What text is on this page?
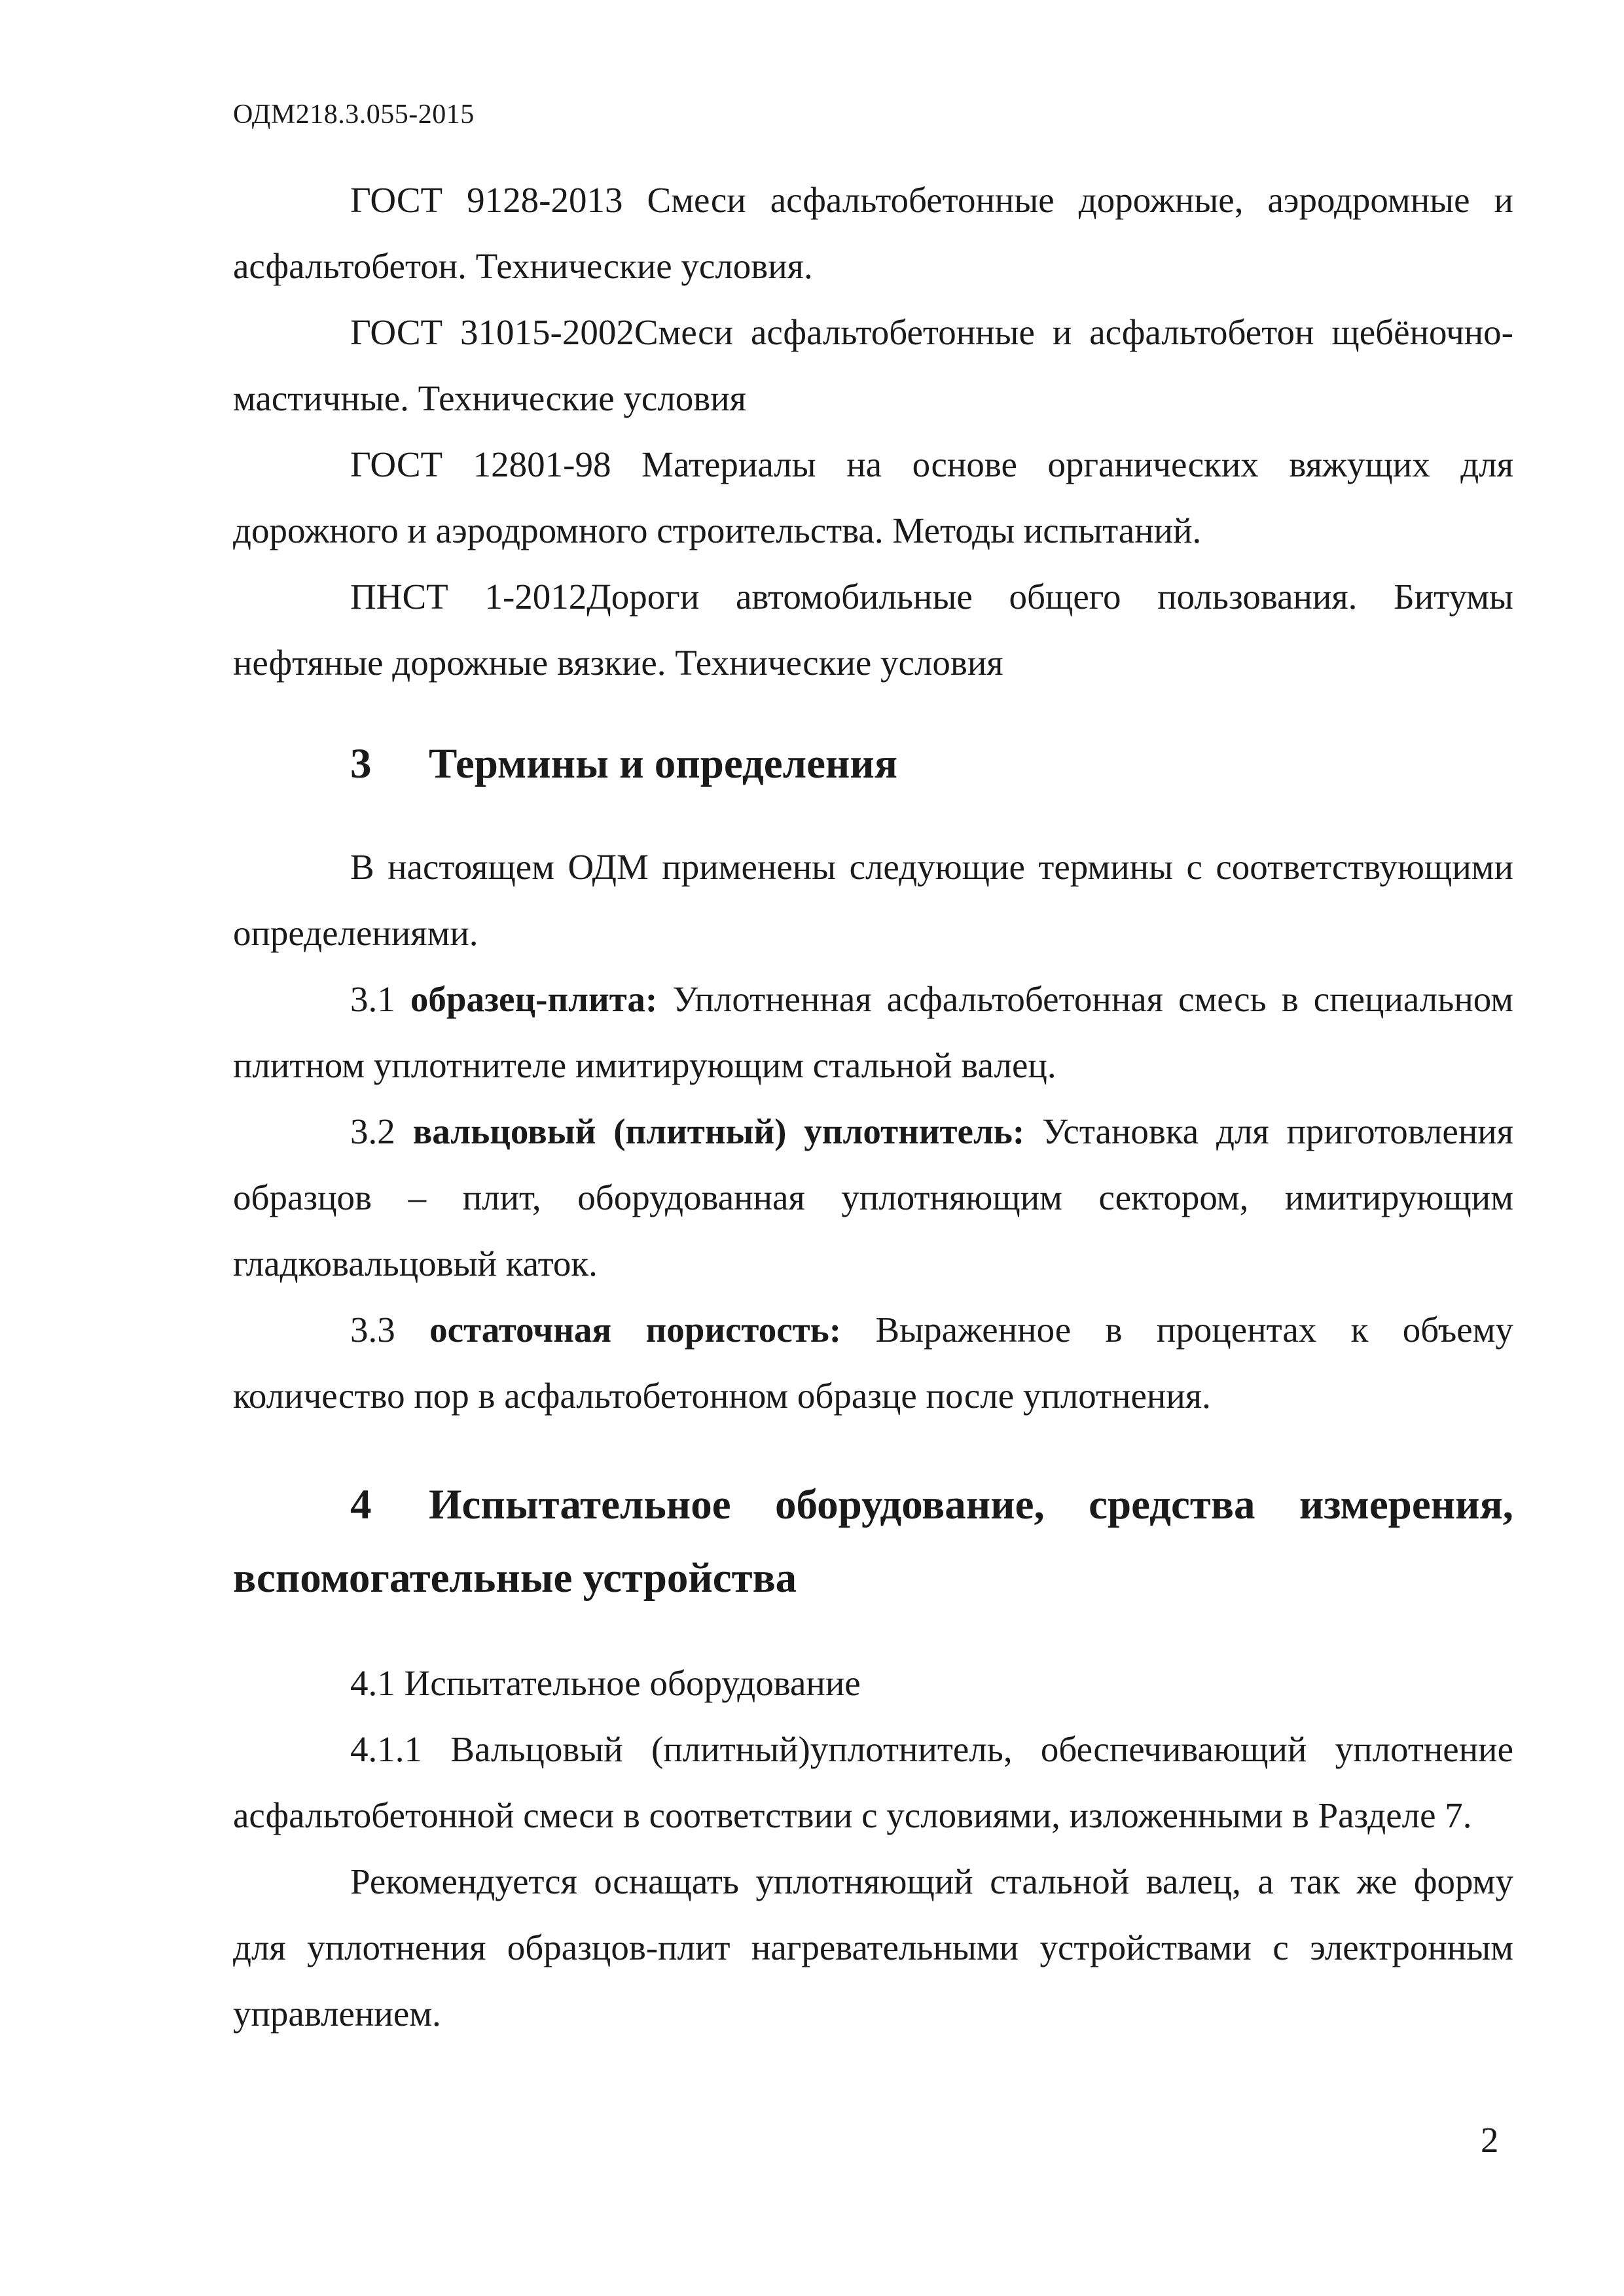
ОДМ218.3.055-2015

ГОСТ 9128-2013 Смеси асфальтобетонные дорожные, аэродромные и асфальтобетон. Технические условия.

ГОСТ 31015-2002Смеси асфальтобетонные и асфальтобетон щебёночно-мастичные. Технические условия

ГОСТ 12801-98 Материалы на основе органических вяжущих для дорожного и аэродромного строительства. Методы испытаний.

ПНСТ 1-2012Дороги автомобильные общего пользования. Битумы нефтяные дорожные вязкие. Технические условия

3 Термины и определения

В настоящем ОДМ применены следующие термины с соответствующими определениями.

3.1 образец-плита: Уплотненная асфальтобетонная смесь в специальном плитном уплотнителе имитирующим стальной валец.

3.2 вальцовый (плитный) уплотнитель: Установка для приготовления образцов – плит, оборудованная уплотняющим сектором, имитирующим гладковальцовый каток.

3.3 остаточная пористость: Выраженное в процентах к объему количество пор в асфальтобетонном образце после уплотнения.

4 Испытательное оборудование, средства измерения, вспомогательные устройства

4.1 Испытательное оборудование

4.1.1 Вальцовый (плитный)уплотнитель, обеспечивающий уплотнение асфальтобетонной смеси в соответствии с условиями, изложенными в Разделе 7.

Рекомендуется оснащать уплотняющий стальной валец, а так же форму для уплотнения образцов-плит нагревательными устройствами с электронным управлением.

2
